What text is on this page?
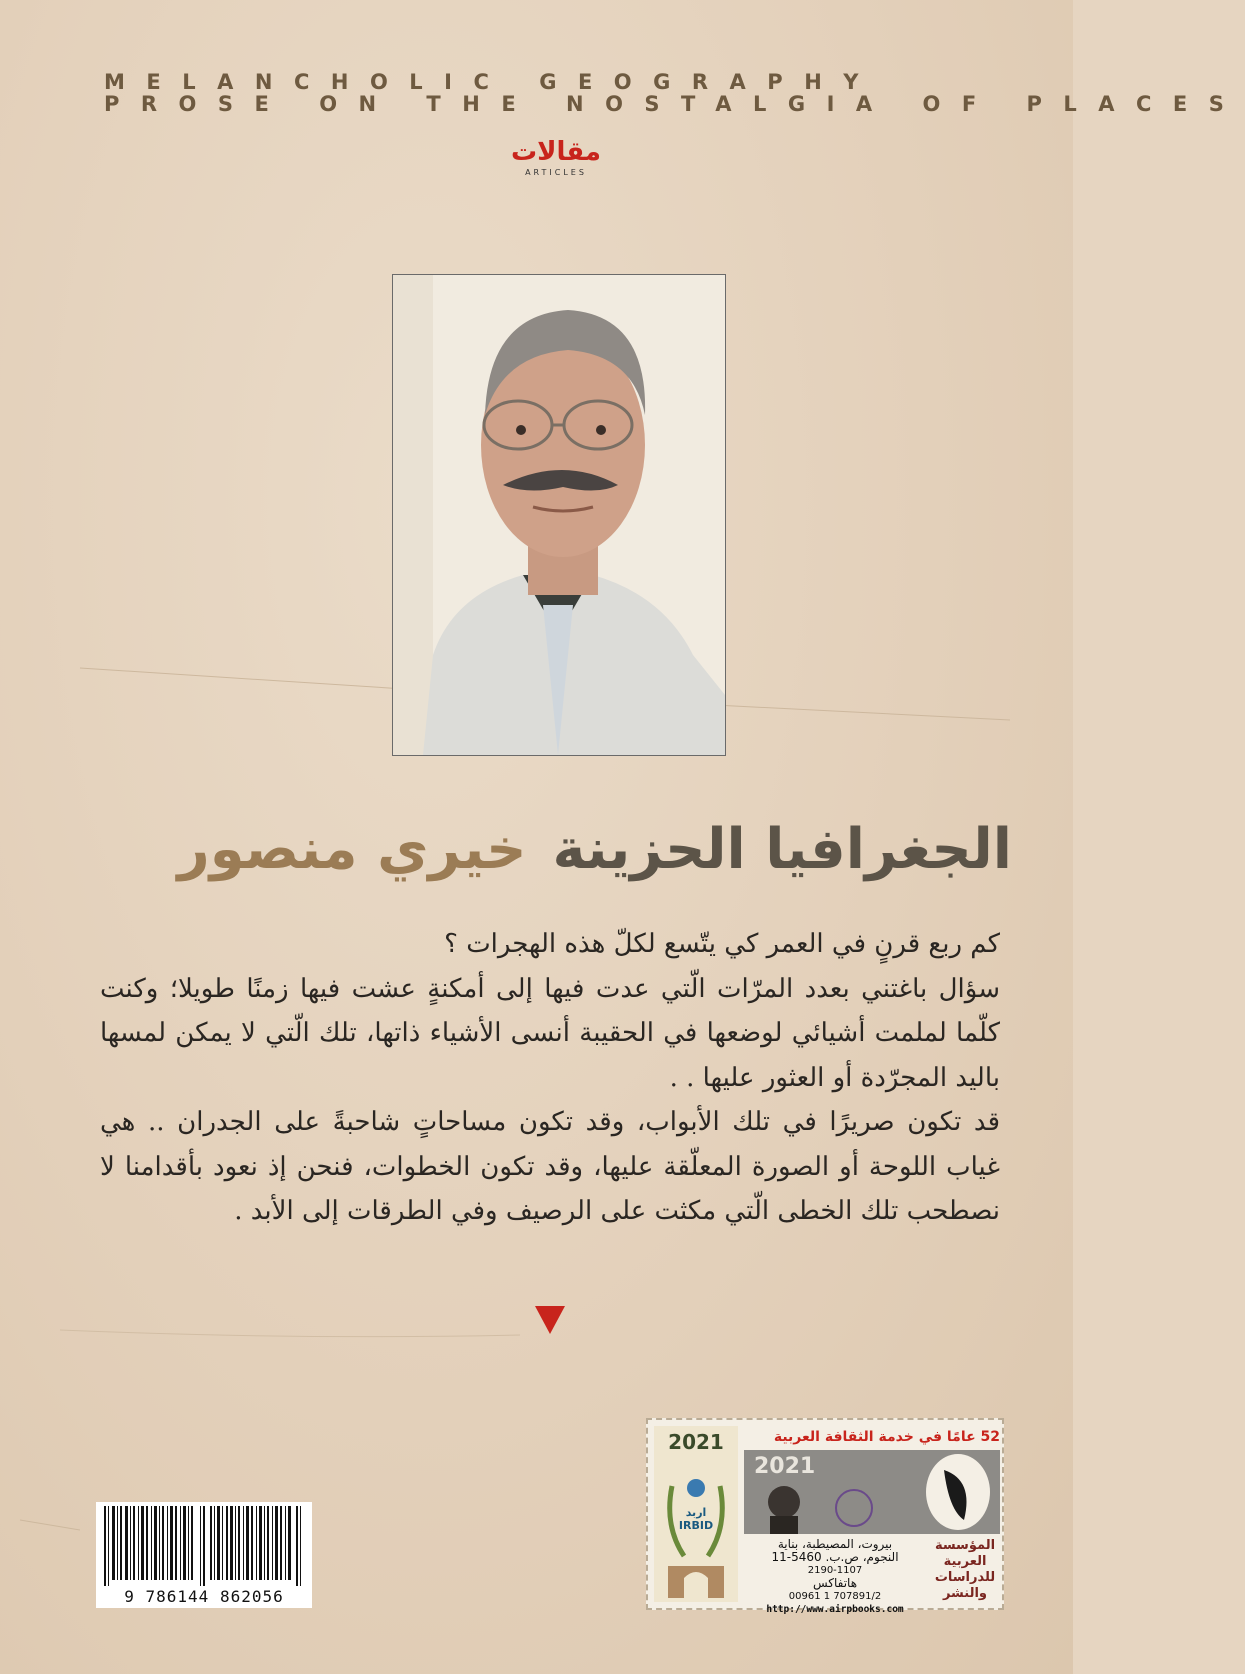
MELANCHOLIC GEOGRAPHY
PROSE ON THE NOSTALGIA OF PLACES
مقالات
ARTICLES
الجغرافيا الحزينةخيري منصور

كم ربع قرنٍ في العمر كي يتّسع لكلّ هذه الهجرات ؟

سؤال باغتني بعدد المرّات الّتي عدت فيها إلى أمكنةٍ عشت فيها زمنًا طويلا؛ وكنت كلّما لملمت أشيائي لوضعها في الحقيبة أنسى الأشياء ذاتها، تلك الّتي لا يمكن لمسها باليد المجرّدة أو العثور عليها . .

قد تكون صريرًا في تلك الأبواب، وقد تكون مساحاتٍ شاحبةً على الجدران .. هي غياب اللوحة أو الصورة المعلّقة عليها، وقد تكون الخطوات، فنحن إذ نعود بأقدامنا لا نصطحب تلك الخطى الّتي مكثت على الرصيف وفي الطرقات إلى الأبد .

9 786144 862056
2021
اربد
IRBID
52 عامًا في خدمة الثقافة العربية
2021
بيروت، المصيطبة، بناية
النجوم، ص.ب. 5460-11
2190-1107
هاتفاكس
00961 1 707891/2
http://www.airpbooks.com
المؤسسة العربية للدراسات والنشر
